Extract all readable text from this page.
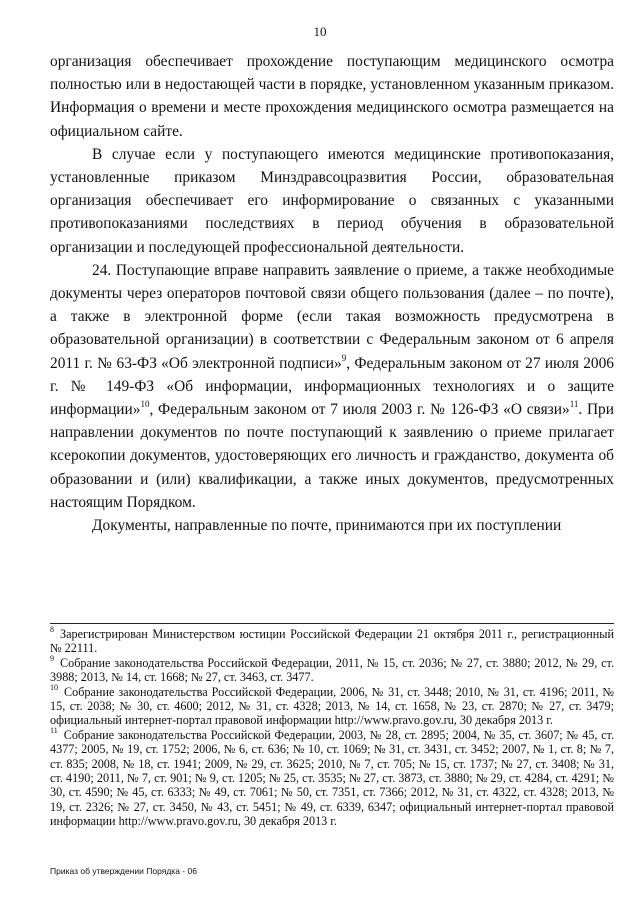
10

организация обеспечивает прохождение поступающим медицинского осмотра полностью или в недостающей части в порядке, установленном указанным приказом. Информация о времени и месте прохождения медицинского осмотра размещается на официальном сайте.

В случае если у поступающего имеются медицинские противопоказания, установленные приказом Минздравсоцразвития России, образовательная организация обеспечивает его информирование о связанных с указанными противопоказаниями последствиях в период обучения в образовательной организации и последующей профессиональной деятельности.

24. Поступающие вправе направить заявление о приеме, а также необходимые документы через операторов почтовой связи общего пользования (далее – по почте), а также в электронной форме (если такая возможность предусмотрена в образовательной организации) в соответствии с Федеральным законом от 6 апреля 2011 г. № 63-ФЗ «Об электронной подписи»$^9$, Федеральным законом от 27 июля 2006 г. № 149-ФЗ «Об информации, информационных технологиях и о защите информации»$^{10}$, Федеральным законом от 7 июля 2003 г. № 126-ФЗ «О связи»$^{11}$. При направлении документов по почте поступающий к заявлению о приеме прилагает ксерокопии документов, удостоверяющих его личность и гражданство, документа об образовании и (или) квалификации, а также иных документов, предусмотренных настоящим Порядком.

Документы, направленные по почте, принимаются при их поступлении

$^8$ Зарегистрирован Министерством юстиции Российской Федерации 21 октября 2011 г., регистрационный № 22111.

$^9$ Собрание законодательства Российской Федерации, 2011, № 15, ст. 2036; № 27, ст. 3880; 2012, № 29, ст. 3988; 2013, № 14, ст. 1668; № 27, ст. 3463, ст. 3477.

$^{10}$ Собрание законодательства Российской Федерации, 2006, № 31, ст. 3448; 2010, № 31, ст. 4196; 2011, № 15, ст. 2038; № 30, ст. 4600; 2012, № 31, ст. 4328; 2013, № 14, ст. 1658, № 23, ст. 2870; № 27, ст. 3479; официальный интернет-портал правовой информации http://www.pravo.gov.ru, 30 декабря 2013 г.

$^{11}$ Собрание законодательства Российской Федерации, 2003, № 28, ст. 2895; 2004, № 35, ст. 3607; № 45, ст. 4377; 2005, № 19, ст. 1752; 2006, № 6, ст. 636; № 10, ст. 1069; № 31, ст. 3431, ст. 3452; 2007, № 1, ст. 8; № 7, ст. 835; 2008, № 18, ст. 1941; 2009, № 29, ст. 3625; 2010, № 7, ст. 705; № 15, ст. 1737; № 27, ст. 3408; № 31, ст. 4190; 2011, № 7, ст. 901; № 9, ст. 1205; № 25, ст. 3535; № 27, ст. 3873, ст. 3880; № 29, ст. 4284, ст. 4291; № 30, ст. 4590; № 45, ст. 6333; № 49, ст. 7061; № 50, ст. 7351, ст. 7366; 2012, № 31, ст. 4322, ст. 4328; 2013, № 19, ст. 2326; № 27, ст. 3450, № 43, ст. 5451; № 49, ст. 6339, 6347; официальный интернет-портал правовой информации http://www.pravo.gov.ru, 30 декабря 2013 г.

Приказ об утверждении Порядка - 06
